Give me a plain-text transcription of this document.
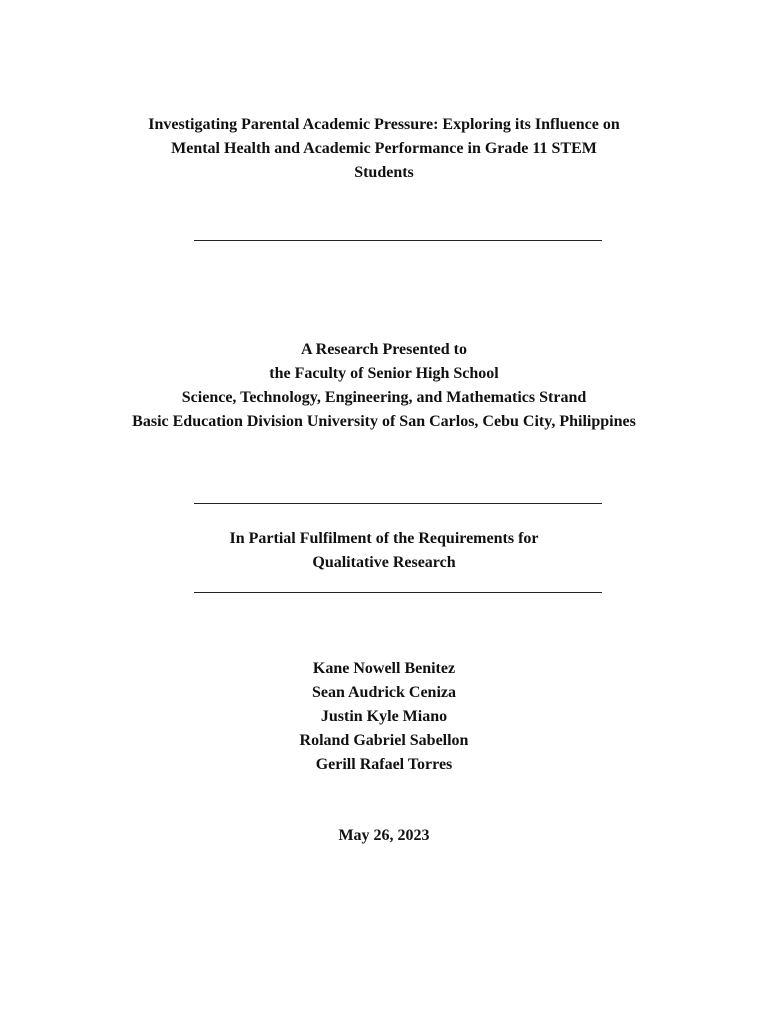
Investigating Parental Academic Pressure: Exploring its Influence on
Mental Health and Academic Performance in Grade 11 STEM
Students
A Research Presented to
the Faculty of Senior High School
Science, Technology, Engineering, and Mathematics Strand
Basic Education Division University of San Carlos, Cebu City, Philippines
In Partial Fulfilment of the Requirements for
Qualitative Research
Kane Nowell Benitez
Sean Audrick Ceniza
Justin Kyle Miano
Roland Gabriel Sabellon
Gerill Rafael Torres
May 26, 2023
